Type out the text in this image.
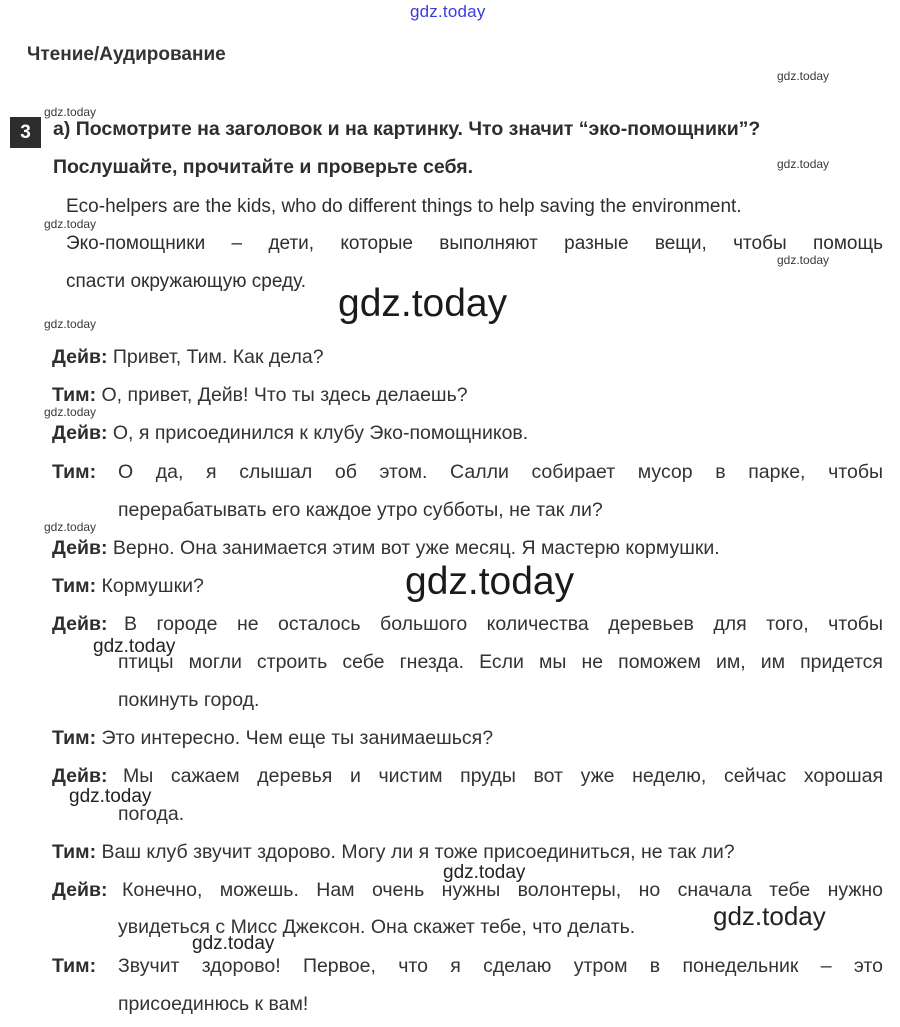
gdz.today
Чтение/Аудирование
gdz.today
gdz.today
gdz.today
gdz.today
gdz.today
gdz.today
gdz.today
gdz.today
3	a) Посмотрите на заголовок и на картинку. Что значит “эко-помощники”?
Послушайте, прочитайте и проверьте себя.
Eco-helpers are the kids, who do different things to help saving the environment.
Эко-помощники – дети, которые выполняют разные вещи, чтобы помощь
спасти окружающую среду.
gdz.today
gdz.today
Дейв: Привет, Тим. Как дела?
Тим: О, привет, Дейв! Что ты здесь делаешь?
Дейв: О, я присоединился к клубу Эко-помощников.
Тим: О да, я слышал об этом. Салли собирает мусор в парке, чтобы
перерабатывать его каждое утро субботы, не так ли?
Дейв: Верно. Она занимается этим вот уже месяц. Я мастерю кормушки.
Тим: Кормушки?
Дейв: В городе не осталось большого количества деревьев для того, чтобы
птицы могли строить себе гнезда. Если мы не поможем им, им придется
покинуть город.
Тим: Это интересно. Чем еще ты занимаешься?
Дейв: Мы сажаем деревья и чистим пруды вот уже неделю, сейчас хорошая
погода.
Тим: Ваш клуб звучит здорово. Могу ли я тоже присоединиться, не так ли?
Дейв: Конечно, можешь. Нам очень нужны волонтеры, но сначала тебе нужно
увидеться с Мисс Джексон. Она скажет тебе, что делать.
Тим: Звучит здорово! Первое, что я сделаю утром в понедельник – это
присоединюсь к вам!
gdz.today
gdz.today
gdz.today
gdz.today
gdz.today
